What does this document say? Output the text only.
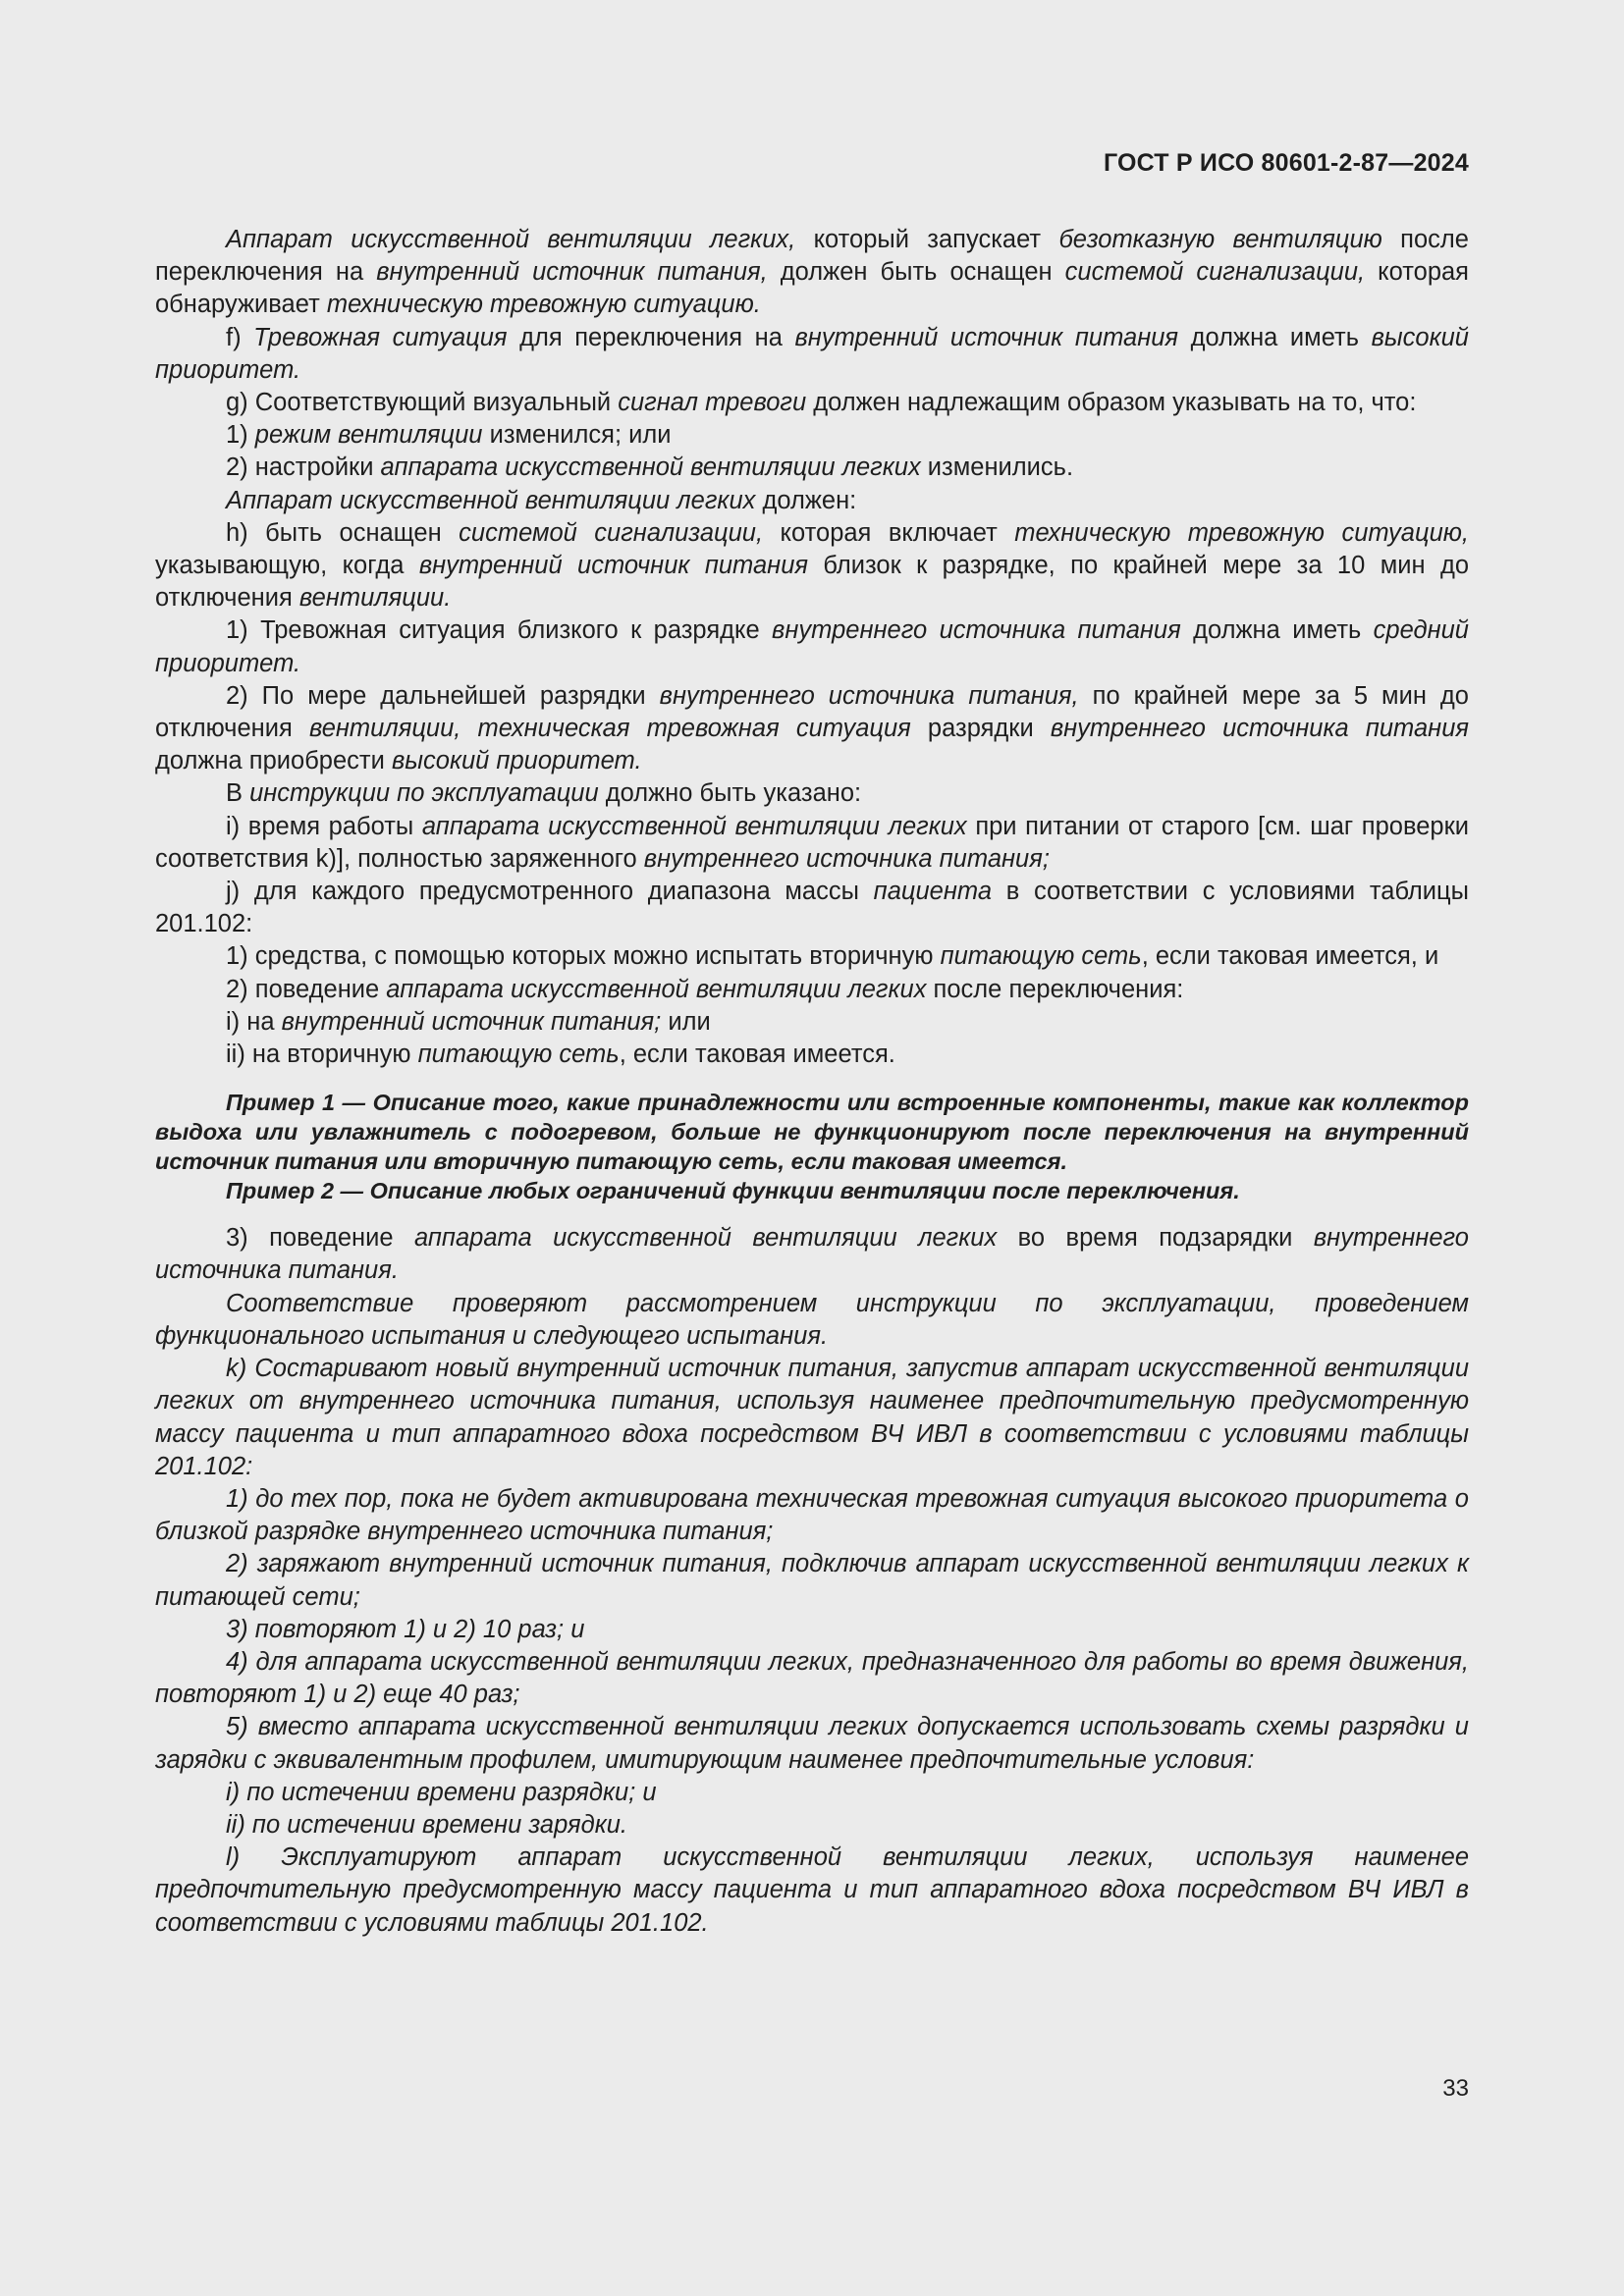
ГОСТ Р ИСО 80601-2-87—2024

Аппарат искусственной вентиляции легких, который запускает безотказную вентиляцию после переключения на внутренний источник питания, должен быть оснащен системой сигнализации, которая обнаруживает техническую тревожную ситуацию.

f) Тревожная ситуация для переключения на внутренний источник питания должна иметь высокий приоритет.

g) Соответствующий визуальный сигнал тревоги должен надлежащим образом указывать на то, что:

1) режим вентиляции изменился; или

2) настройки аппарата искусственной вентиляции легких изменились.

Аппарат искусственной вентиляции легких должен:

h) быть оснащен системой сигнализации, которая включает техническую тревожную ситуацию, указывающую, когда внутренний источник питания близок к разрядке, по крайней мере за 10 мин до отключения вентиляции.

1) Тревожная ситуация близкого к разрядке внутреннего источника питания должна иметь средний приоритет.

2) По мере дальнейшей разрядки внутреннего источника питания, по крайней мере за 5 мин до отключения вентиляции, техническая тревожная ситуация разрядки внутреннего источника питания должна приобрести высокий приоритет.

В инструкции по эксплуатации должно быть указано:

i) время работы аппарата искусственной вентиляции легких при питании от старого [см. шаг проверки соответствия k)], полностью заряженного внутреннего источника питания;

j) для каждого предусмотренного диапазона массы пациента в соответствии с условиями таблицы 201.102:

1) средства, с помощью которых можно испытать вторичную питающую сеть, если таковая имеется, и

2) поведение аппарата искусственной вентиляции легких после переключения:

i) на внутренний источник питания; или

ii) на вторичную питающую сеть, если таковая имеется.

Пример 1 — Описание того, какие принадлежности или встроенные компоненты, такие как коллектор выдоха или увлажнитель с подогревом, больше не функционируют после переключения на внутренний источник питания или вторичную питающую сеть, если таковая имеется.

Пример 2 — Описание любых ограничений функции вентиляции после переключения.

3) поведение аппарата искусственной вентиляции легких во время подзарядки внутреннего источника питания.

Соответствие проверяют рассмотрением инструкции по эксплуатации, проведением функционального испытания и следующего испытания.

k) Состаривают новый внутренний источник питания, запустив аппарат искусственной вентиляции легких от внутреннего источника питания, используя наименее предпочтительную предусмотренную массу пациента и тип аппаратного вдоха посредством ВЧ ИВЛ в соответствии с условиями таблицы 201.102:

1) до тех пор, пока не будет активирована техническая тревожная ситуация высокого приоритета о близкой разрядке внутреннего источника питания;

2) заряжают внутренний источник питания, подключив аппарат искусственной вентиляции легких к питающей сети;

3) повторяют 1) и 2) 10 раз; и

4) для аппарата искусственной вентиляции легких, предназначенного для работы во время движения, повторяют 1) и 2) еще 40 раз;

5) вместо аппарата искусственной вентиляции легких допускается использовать схемы разрядки и зарядки с эквивалентным профилем, имитирующим наименее предпочтительные условия:

i) по истечении времени разрядки; и

ii) по истечении времени зарядки.

l) Эксплуатируют аппарат искусственной вентиляции легких, используя наименее предпочтительную предусмотренную массу пациента и тип аппаратного вдоха посредством ВЧ ИВЛ в соответствии с условиями таблицы 201.102.

33
